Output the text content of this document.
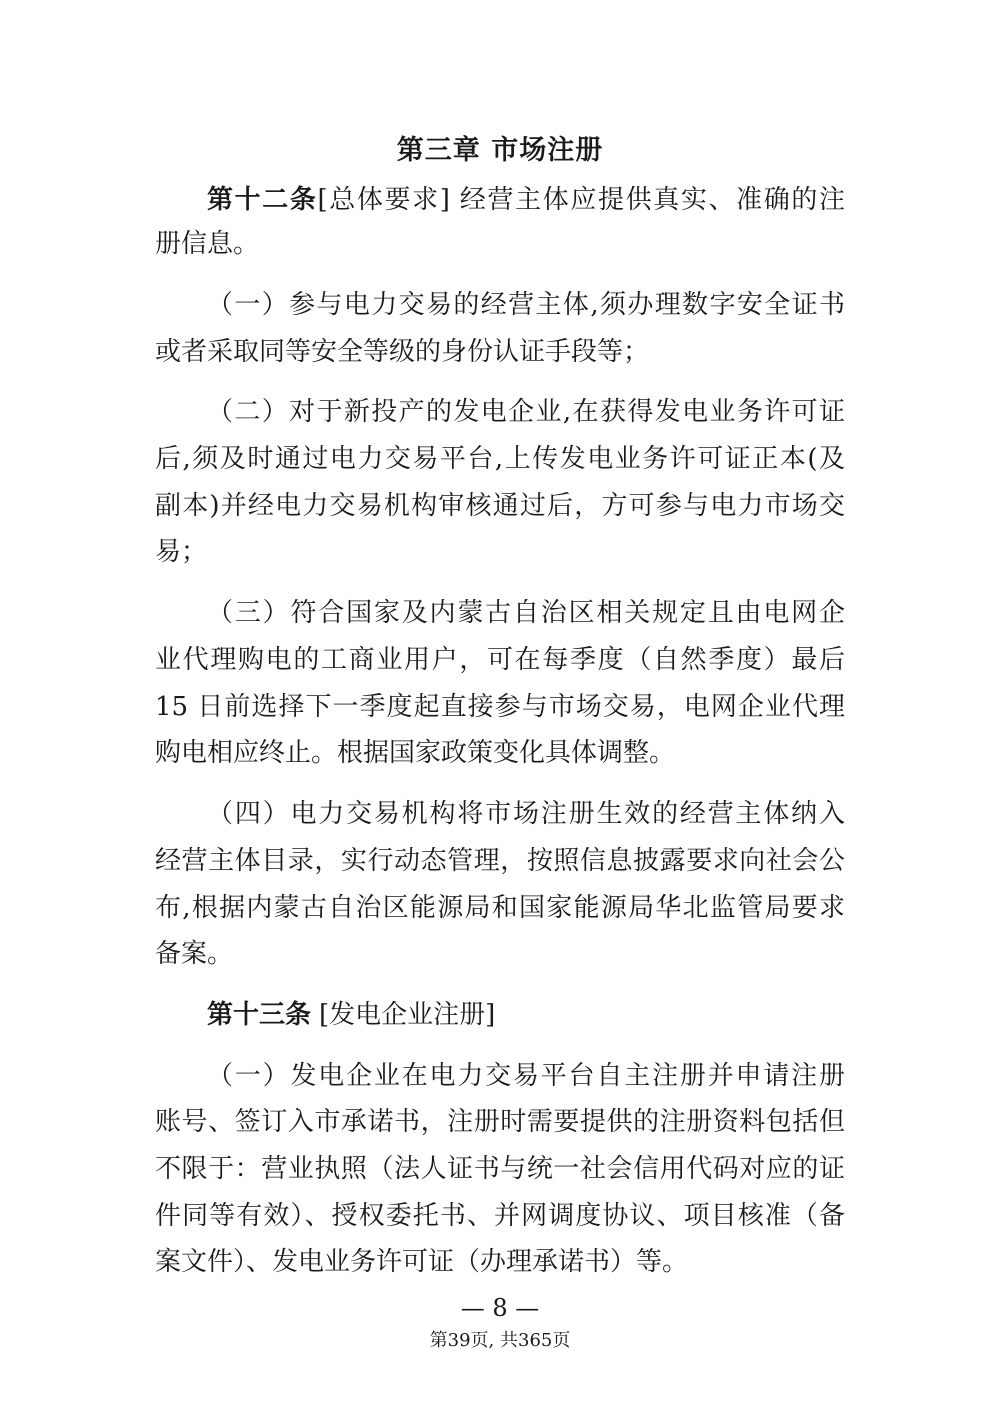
第三章 市场注册
第十二条[总体要求] 经营主体应提供真实、准确的注
册信息。
（一）参与电力交易的经营主体,须办理数字安全证书
或者采取同等安全等级的身份认证手段等；
（二）对于新投产的发电企业,在获得发电业务许可证
后,须及时通过电力交易平台,上传发电业务许可证正本(及
副本)并经电力交易机构审核通过后，方可参与电力市场交
易；
（三）符合国家及内蒙古自治区相关规定且由电网企
业代理购电的工商业用户，可在每季度（自然季度）最后
15 日前选择下一季度起直接参与市场交易，电网企业代理
购电相应终止。根据国家政策变化具体调整。
（四）电力交易机构将市场注册生效的经营主体纳入
经营主体目录，实行动态管理，按照信息披露要求向社会公
布,根据内蒙古自治区能源局和国家能源局华北监管局要求
备案。
第十三条 [发电企业注册]
（一）发电企业在电力交易平台自主注册并申请注册
账号、签订入市承诺书，注册时需要提供的注册资料包括但
不限于：营业执照（法人证书与统一社会信用代码对应的证
件同等有效）、授权委托书、并网调度协议、项目核准（备
案文件）、发电业务许可证（办理承诺书）等。
— 8 —
第39页, 共365页
